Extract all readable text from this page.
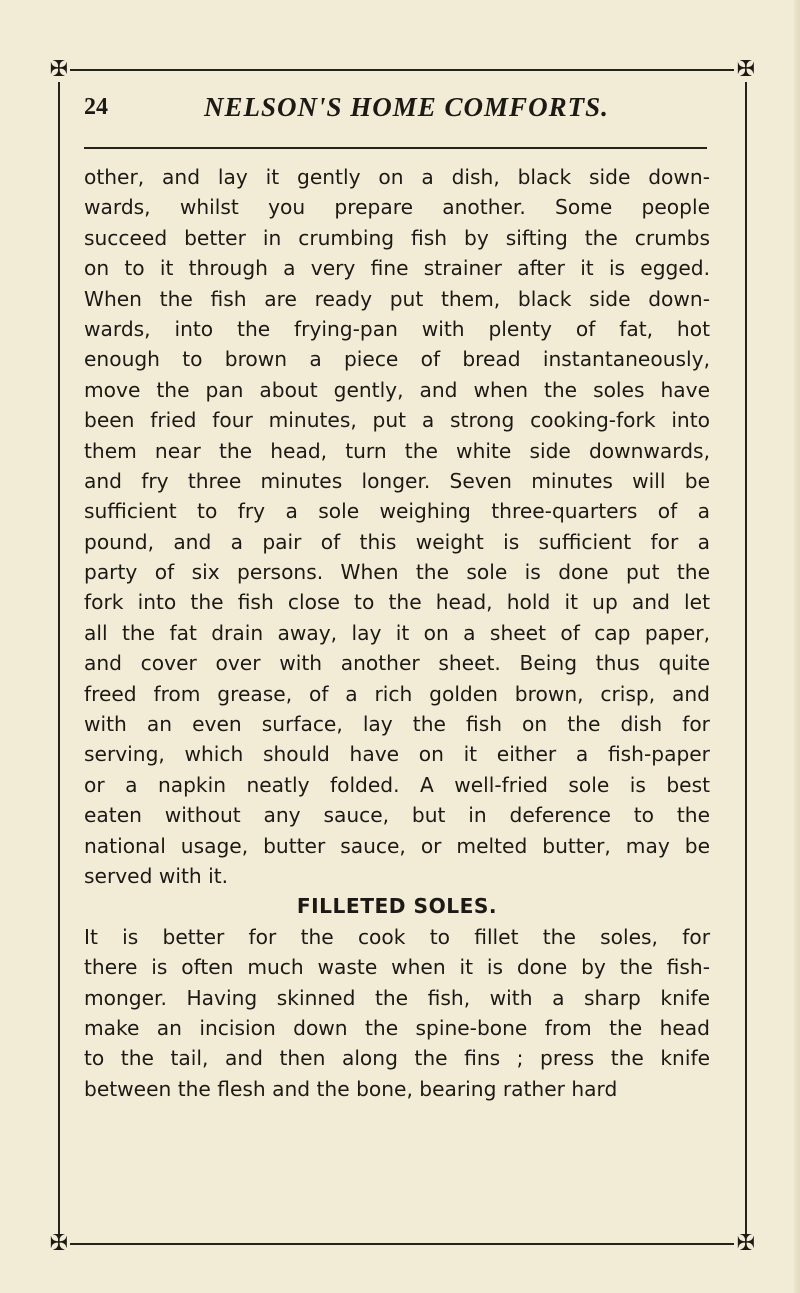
✠	✠
✠	✠
24	NELSON'S HOME COMFORTS.
other, and lay it gently on a dish, black side down-
wards, whilst you prepare another. Some people
succeed better in crumbing fish by sifting the crumbs
on to it through a very fine strainer after it is egged.
When the fish are ready put them, black side down-
wards, into the frying-pan with plenty of fat, hot
enough to brown a piece of bread instantaneously,
move the pan about gently, and when the soles have
been fried four minutes, put a strong cooking-fork into
them near the head, turn the white side downwards,
and fry three minutes longer. Seven minutes will be
sufficient to fry a sole weighing three-quarters of a
pound, and a pair of this weight is sufficient for a
party of six persons. When the sole is done put the
fork into the fish close to the head, hold it up and let
all the fat drain away, lay it on a sheet of cap paper,
and cover over with another sheet. Being thus quite
freed from grease, of a rich golden brown, crisp, and
with an even surface, lay the fish on the dish for
serving, which should have on it either a fish-paper
or a napkin neatly folded. A well-fried sole is best
eaten without any sauce, but in deference to the
national usage, butter sauce, or melted butter, may be
served with it.
FILLETED SOLES.
It is better for the cook to fillet the soles, for
there is often much waste when it is done by the fish-
monger. Having skinned the fish, with a sharp knife
make an incision down the spine-bone from the head
to the tail, and then along the fins ; press the knife
between the flesh and the bone, bearing rather hard
